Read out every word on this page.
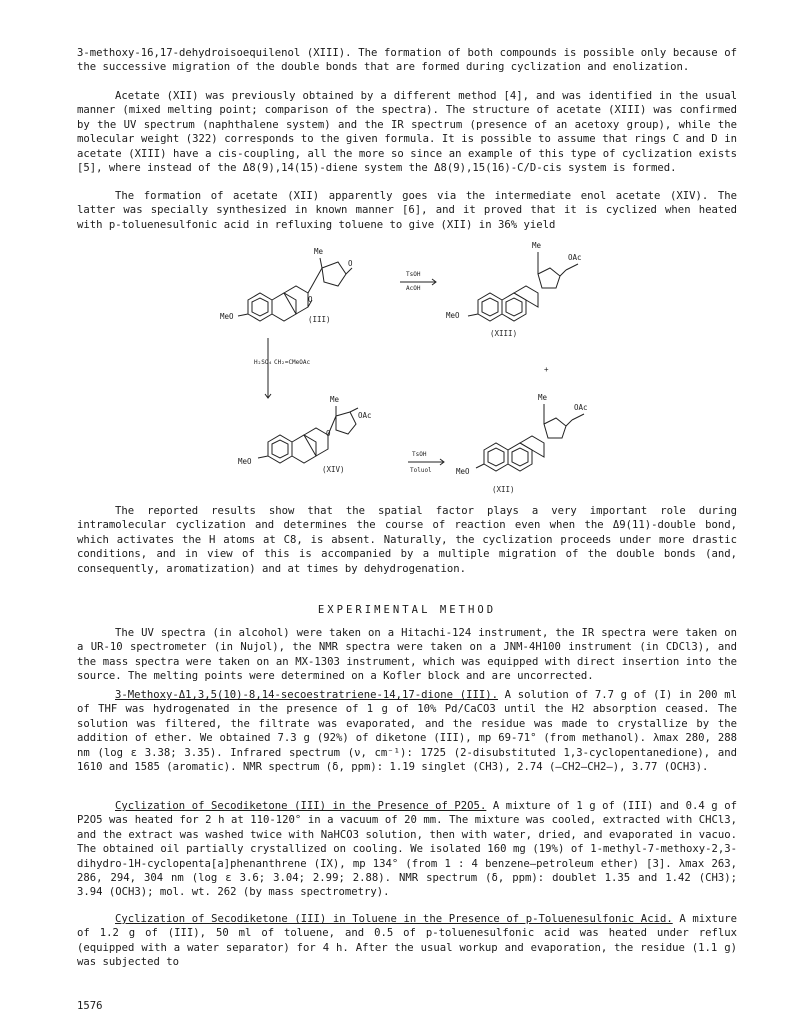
3-methoxy-16,17-dehydroisoequilenol (XIII). The formation of both compounds is possible only because of the successive migration of the double bonds that are formed during cyclization and enolization.
Acetate (XII) was previously obtained by a different method [4], and was identified in the usual manner (mixed melting point; comparison of the spectra). The structure of acetate (XIII) was confirmed by the UV spectrum (naphthalene system) and the IR spectrum (presence of an acetoxy group), while the molecular weight (322) corresponds to the given formula. It is possible to assume that rings C and D in acetate (XIII) have a cis-coupling, all the more so since an example of this type of cyclization exists [5], where instead of the Δ8(9),14(15)-diene system the Δ8(9),15(16)-C/D-cis system is formed.
The formation of acetate (XII) apparently goes via the intermediate enol acetate (XIV). The latter was specially synthesized in known manner [6], and it proved that it is cyclized when heated with p-toluenesulfonic acid in refluxing toluene to give (XII) in 36% yield
Me
O
O
MeO	(III)
TsOH
AcOH
Me
OAc
MeO
(XIII)
H₂SO₄ CH₂=CMeOAc
+
Me
OAc
O
MeO
(XIV)
TsOH
Toluol
Me
OAc
MeO
(XII)
The reported results show that the spatial factor plays a very important role during intramolecular cyclization and determines the course of reaction even when the Δ9(11)-double bond, which activates the H atoms at C8, is absent. Naturally, the cyclization proceeds under more drastic conditions, and in view of this is accompanied by a multiple migration of the double bonds (and, consequently, aromatization) and at times by dehydrogenation.
EXPERIMENTAL METHOD
The UV spectra (in alcohol) were taken on a Hitachi-124 instrument, the IR spectra were taken on a UR-10 spectrometer (in Nujol), the NMR spectra were taken on a JNM-4H100 instrument (in CDCl3), and the mass spectra were taken on an MX-1303 instrument, which was equipped with direct insertion into the source. The melting points were determined on a Kofler block and are uncorrected.
3-Methoxy-Δ1,3,5(10)-8,14-secoestratriene-14,17-dione (III). A solution of 7.7 g of (I) in 200 ml of THF was hydrogenated in the presence of 1 g of 10% Pd/CaCO3 until the H2 absorption ceased. The solution was filtered, the filtrate was evaporated, and the residue was made to crystallize by the addition of ether. We obtained 7.3 g (92%) of diketone (III), mp 69-71° (from methanol). λmax 280, 288 nm (log ε 3.38; 3.35). Infrared spectrum (ν, cm⁻¹): 1725 (2-disubstituted 1,3-cyclopentanedione), and 1610 and 1585 (aromatic). NMR spectrum (δ, ppm): 1.19 singlet (CH3), 2.74 (–CH2–CH2–), 3.77 (OCH3).
Cyclization of Secodiketone (III) in the Presence of P2O5. A mixture of 1 g of (III) and 0.4 g of P2O5 was heated for 2 h at 110-120° in a vacuum of 20 mm. The mixture was cooled, extracted with CHCl3, and the extract was washed twice with NaHCO3 solution, then with water, dried, and evaporated in vacuo. The obtained oil partially crystallized on cooling. We isolated 160 mg (19%) of 1-methyl-7-methoxy-2,3-dihydro-1H-cyclopenta[a]phenanthrene (IX), mp 134° (from 1 : 4 benzene–petroleum ether) [3]. λmax 263, 286, 294, 304 nm (log ε 3.6; 3.04; 2.99; 2.88). NMR spectrum (δ, ppm): doublet 1.35 and 1.42 (CH3); 3.94 (OCH3); mol. wt. 262 (by mass spectrometry).
Cyclization of Secodiketone (III) in Toluene in the Presence of p-Toluenesulfonic Acid. A mixture of 1.2 g of (III), 50 ml of toluene, and 0.5 of p-toluenesulfonic acid was heated under reflux (equipped with a water separator) for 4 h. After the usual workup and evaporation, the residue (1.1 g) was subjected to
1576
